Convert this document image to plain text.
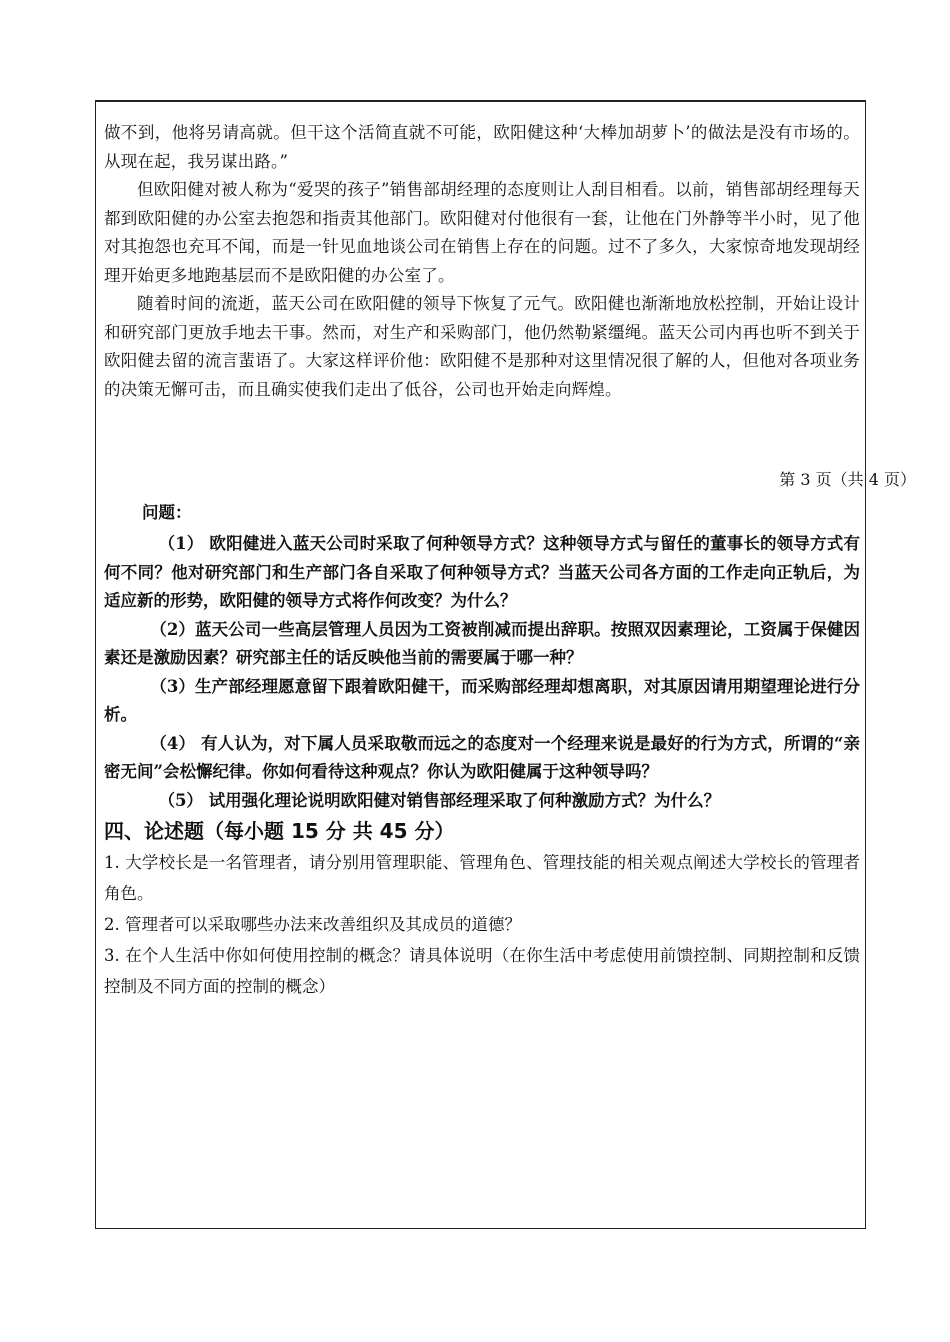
做不到，他将另请高就。但干这个活简直就不可能，欧阳健这种‘大棒加胡萝卜’的做法是没有市场的。从现在起，我另谋出路。”

但欧阳健对被人称为“爱哭的孩子”销售部胡经理的态度则让人刮目相看。以前，销售部胡经理每天都到欧阳健的办公室去抱怨和指责其他部门。欧阳健对付他很有一套，让他在门外静等半小时，见了他对其抱怨也充耳不闻，而是一针见血地谈公司在销售上存在的问题。过不了多久，大家惊奇地发现胡经理开始更多地跑基层而不是欧阳健的办公室了。

随着时间的流逝，蓝天公司在欧阳健的领导下恢复了元气。欧阳健也渐渐地放松控制，开始让设计和研究部门更放手地去干事。然而，对生产和采购部门，他仍然勒紧缰绳。蓝天公司内再也听不到关于欧阳健去留的流言蜚语了。大家这样评价他：欧阳健不是那种对这里情况很了解的人，但他对各项业务的决策无懈可击，而且确实使我们走出了低谷，公司也开始走向辉煌。

第 3 页（共 4 页）

问题：

（1） 欧阳健进入蓝天公司时采取了何种领导方式？这种领导方式与留任的董事长的领导方式有何不同？他对研究部门和生产部门各自采取了何种领导方式？当蓝天公司各方面的工作走向正轨后，为适应新的形势，欧阳健的领导方式将作何改变？为什么？

（2）蓝天公司一些高层管理人员因为工资被削减而提出辞职。按照双因素理论，工资属于保健因素还是激励因素？研究部主任的话反映他当前的需要属于哪一种？

（3）生产部经理愿意留下跟着欧阳健干，而采购部经理却想离职，对其原因请用期望理论进行分析。

（4） 有人认为，对下属人员采取敬而远之的态度对一个经理来说是最好的行为方式，所谓的“亲密无间”会松懈纪律。你如何看待这种观点？你认为欧阳健属于这种领导吗？

（5） 试用强化理论说明欧阳健对销售部经理采取了何种激励方式？为什么？

四、论述题（每小题 15 分 共 45 分）

1. 大学校长是一名管理者，请分别用管理职能、管理角色、管理技能的相关观点阐述大学校长的管理者角色。

2. 管理者可以采取哪些办法来改善组织及其成员的道德？

3. 在个人生活中你如何使用控制的概念？请具体说明（在你生活中考虑使用前馈控制、同期控制和反馈控制及不同方面的控制的概念）
